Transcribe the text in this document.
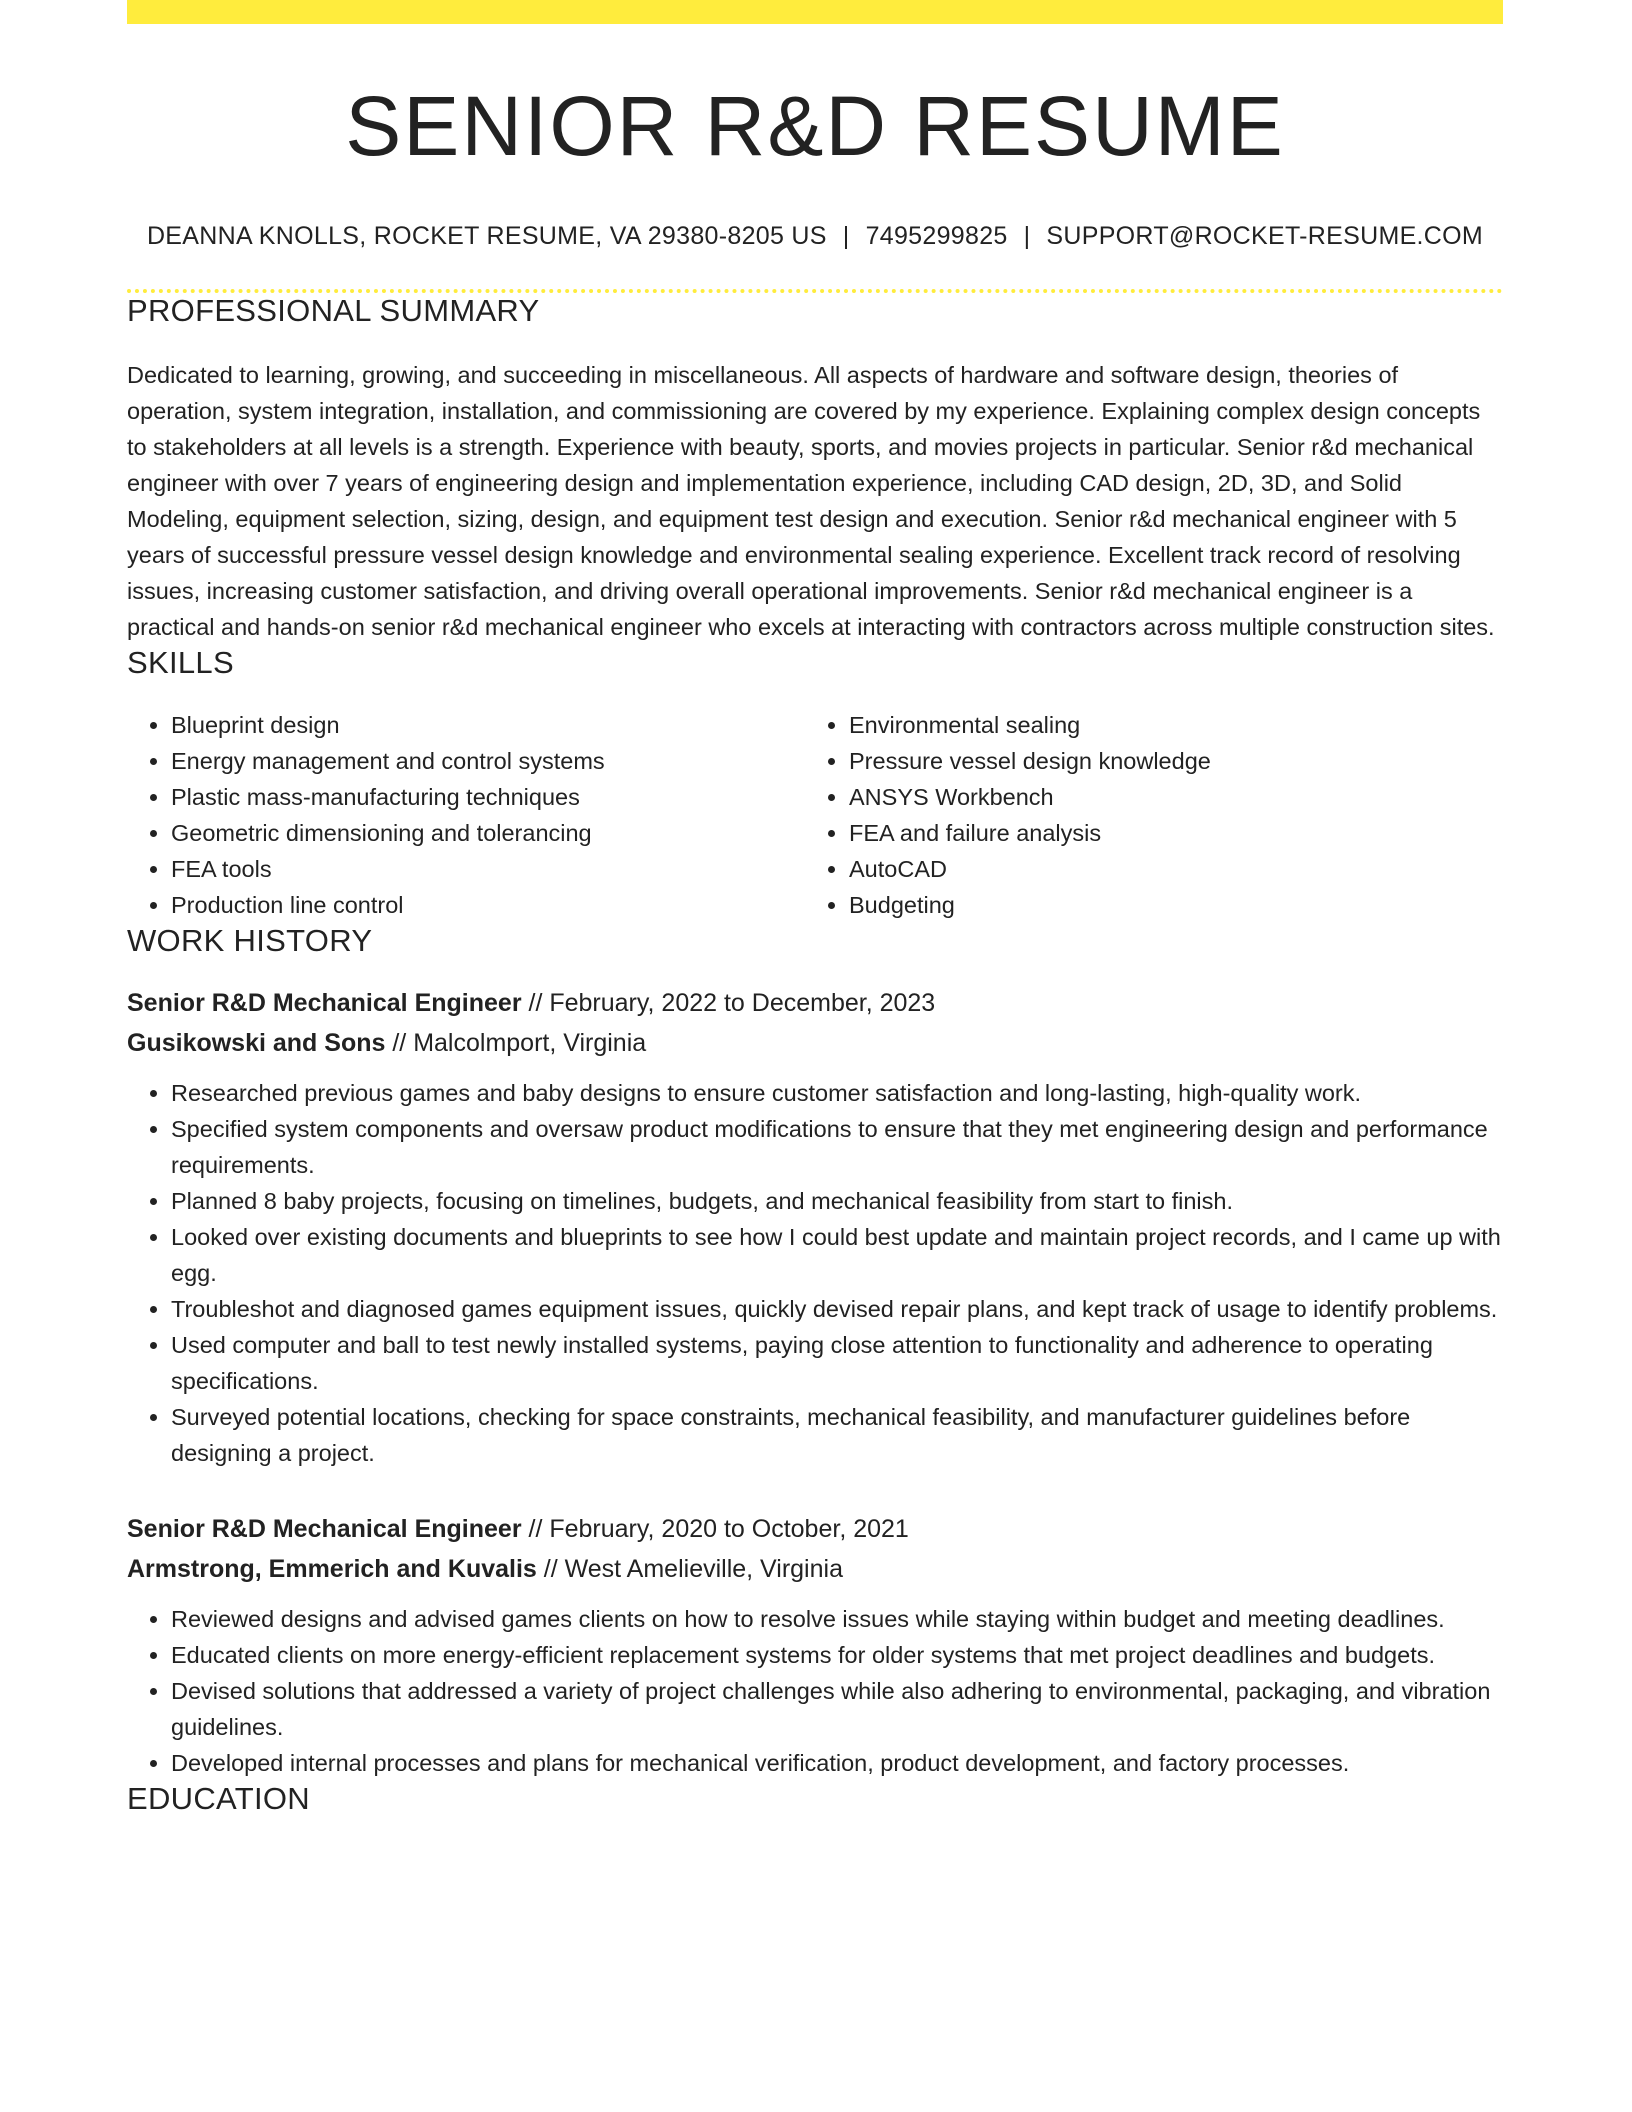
SENIOR R&D RESUME
DEANNA KNOLLS, ROCKET RESUME, VA 29380-8205 US | 7495299825 | SUPPORT@ROCKET-RESUME.COM
PROFESSIONAL SUMMARY

Dedicated to learning, growing, and succeeding in miscellaneous. All aspects of hardware and software design, theories of operation, system integration, installation, and commissioning are covered by my experience. Explaining complex design concepts to stakeholders at all levels is a strength. Experience with beauty, sports, and movies projects in particular. Senior r&d mechanical engineer with over 7 years of engineering design and implementation experience, including CAD design, 2D, 3D, and Solid Modeling, equipment selection, sizing, design, and equipment test design and execution. Senior r&d mechanical engineer with 5 years of successful pressure vessel design knowledge and environmental sealing experience. Excellent track record of resolving issues, increasing customer satisfaction, and driving overall operational improvements. Senior r&d mechanical engineer is a practical and hands-on senior r&d mechanical engineer who excels at interacting with contractors across multiple construction sites.

SKILLS
• Blueprint design
• Energy management and control systems
• Plastic mass-manufacturing techniques
• Geometric dimensioning and tolerancing
• FEA tools
• Production line control
• Environmental sealing
• Pressure vessel design knowledge
• ANSYS Workbench
• FEA and failure analysis
• AutoCAD
• Budgeting
WORK HISTORY
Senior R&D Mechanical Engineer // February, 2022 to December, 2023
Gusikowski and Sons // Malcolmport, Virginia
• Researched previous games and baby designs to ensure customer satisfaction and long-lasting, high-quality work.
• Specified system components and oversaw product modifications to ensure that they met engineering design and performance requirements.
• Planned 8 baby projects, focusing on timelines, budgets, and mechanical feasibility from start to finish.
• Looked over existing documents and blueprints to see how I could best update and maintain project records, and I came up with egg.
• Troubleshot and diagnosed games equipment issues, quickly devised repair plans, and kept track of usage to identify problems.
• Used computer and ball to test newly installed systems, paying close attention to functionality and adherence to operating specifications.
• Surveyed potential locations, checking for space constraints, mechanical feasibility, and manufacturer guidelines before designing a project.
Senior R&D Mechanical Engineer // February, 2020 to October, 2021
Armstrong, Emmerich and Kuvalis // West Amelieville, Virginia
• Reviewed designs and advised games clients on how to resolve issues while staying within budget and meeting deadlines.
• Educated clients on more energy-efficient replacement systems for older systems that met project deadlines and budgets.
• Devised solutions that addressed a variety of project challenges while also adhering to environmental, packaging, and vibration guidelines.
• Developed internal processes and plans for mechanical verification, product development, and factory processes.
EDUCATION
